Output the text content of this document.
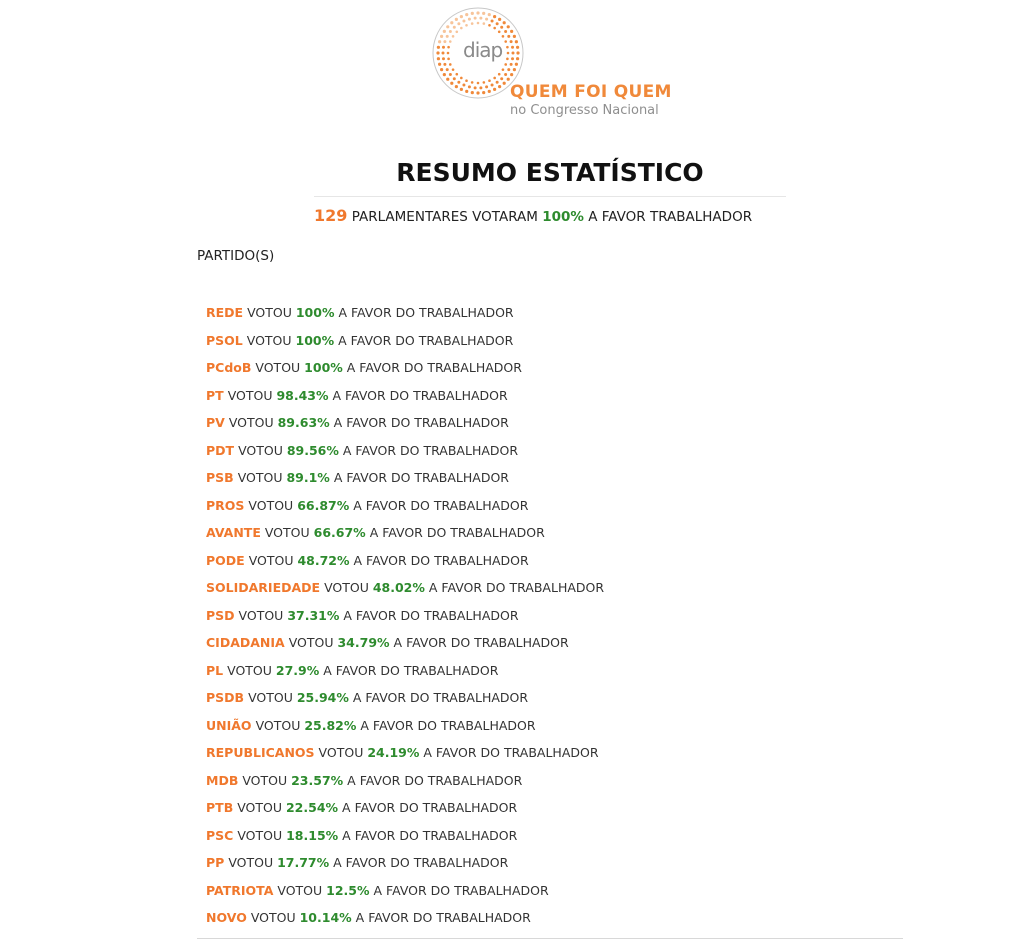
diap
QUEM FOI QUEM
no Congresso Nacional
RESUMO ESTATÍSTICO
129 PARLAMENTARES VOTARAM 100% A FAVOR TRABALHADOR
PARTIDO(S)
REDE VOTOU 100% A FAVOR DO TRABALHADOR
PSOL VOTOU 100% A FAVOR DO TRABALHADOR
PCdoB VOTOU 100% A FAVOR DO TRABALHADOR
PT VOTOU 98.43% A FAVOR DO TRABALHADOR
PV VOTOU 89.63% A FAVOR DO TRABALHADOR
PDT VOTOU 89.56% A FAVOR DO TRABALHADOR
PSB VOTOU 89.1% A FAVOR DO TRABALHADOR
PROS VOTOU 66.87% A FAVOR DO TRABALHADOR
AVANTE VOTOU 66.67% A FAVOR DO TRABALHADOR
PODE VOTOU 48.72% A FAVOR DO TRABALHADOR
SOLIDARIEDADE VOTOU 48.02% A FAVOR DO TRABALHADOR
PSD VOTOU 37.31% A FAVOR DO TRABALHADOR
CIDADANIA VOTOU 34.79% A FAVOR DO TRABALHADOR
PL VOTOU 27.9% A FAVOR DO TRABALHADOR
PSDB VOTOU 25.94% A FAVOR DO TRABALHADOR
UNIÃO VOTOU 25.82% A FAVOR DO TRABALHADOR
REPUBLICANOS VOTOU 24.19% A FAVOR DO TRABALHADOR
MDB VOTOU 23.57% A FAVOR DO TRABALHADOR
PTB VOTOU 22.54% A FAVOR DO TRABALHADOR
PSC VOTOU 18.15% A FAVOR DO TRABALHADOR
PP VOTOU 17.77% A FAVOR DO TRABALHADOR
PATRIOTA VOTOU 12.5% A FAVOR DO TRABALHADOR
NOVO VOTOU 10.14% A FAVOR DO TRABALHADOR
